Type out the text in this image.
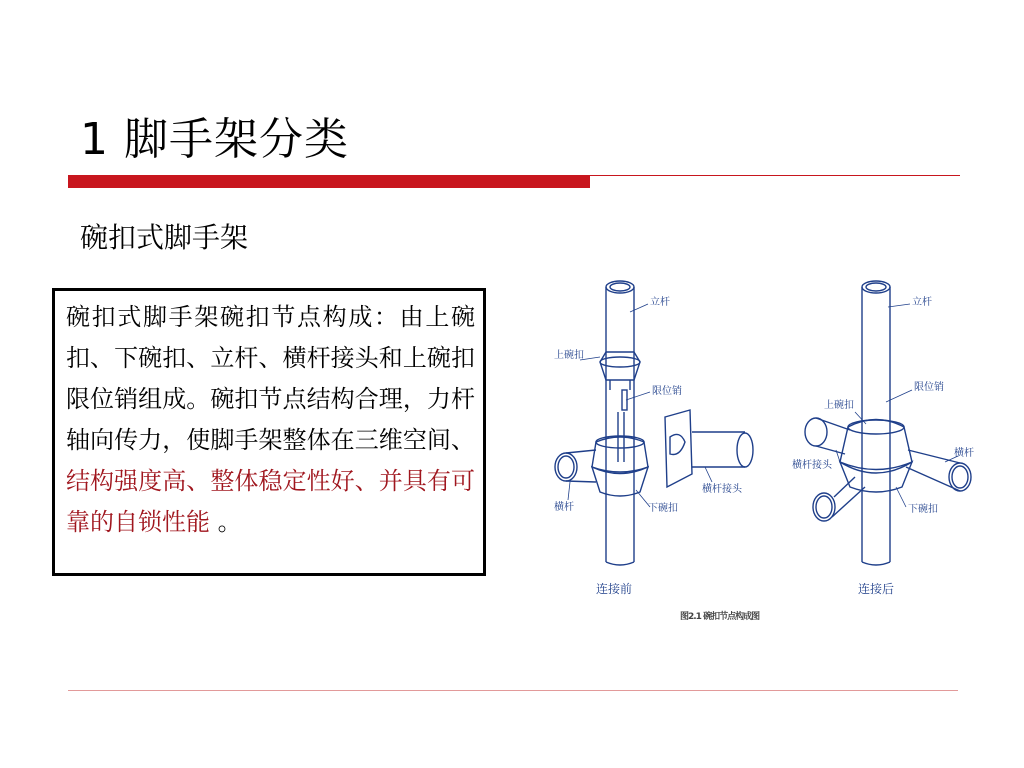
1 脚手架分类
碗扣式脚手架
碗扣式脚手架碗扣节点构成：由上碗扣、下碗扣、立杆、横杆接头和上碗扣限位销组成。碗扣节点结构合理，力杆轴向传力，使脚手架整体在三维空间、结构强度高、整体稳定性好、并具有可靠的自锁性能 。
立杆
上碗扣
限位销
横杆	下碗扣
横杆接头
立杆
限位销
上碗扣
横杆
横杆接头
下碗扣
连接前	连接后
图2.1 碗扣节点构成图
